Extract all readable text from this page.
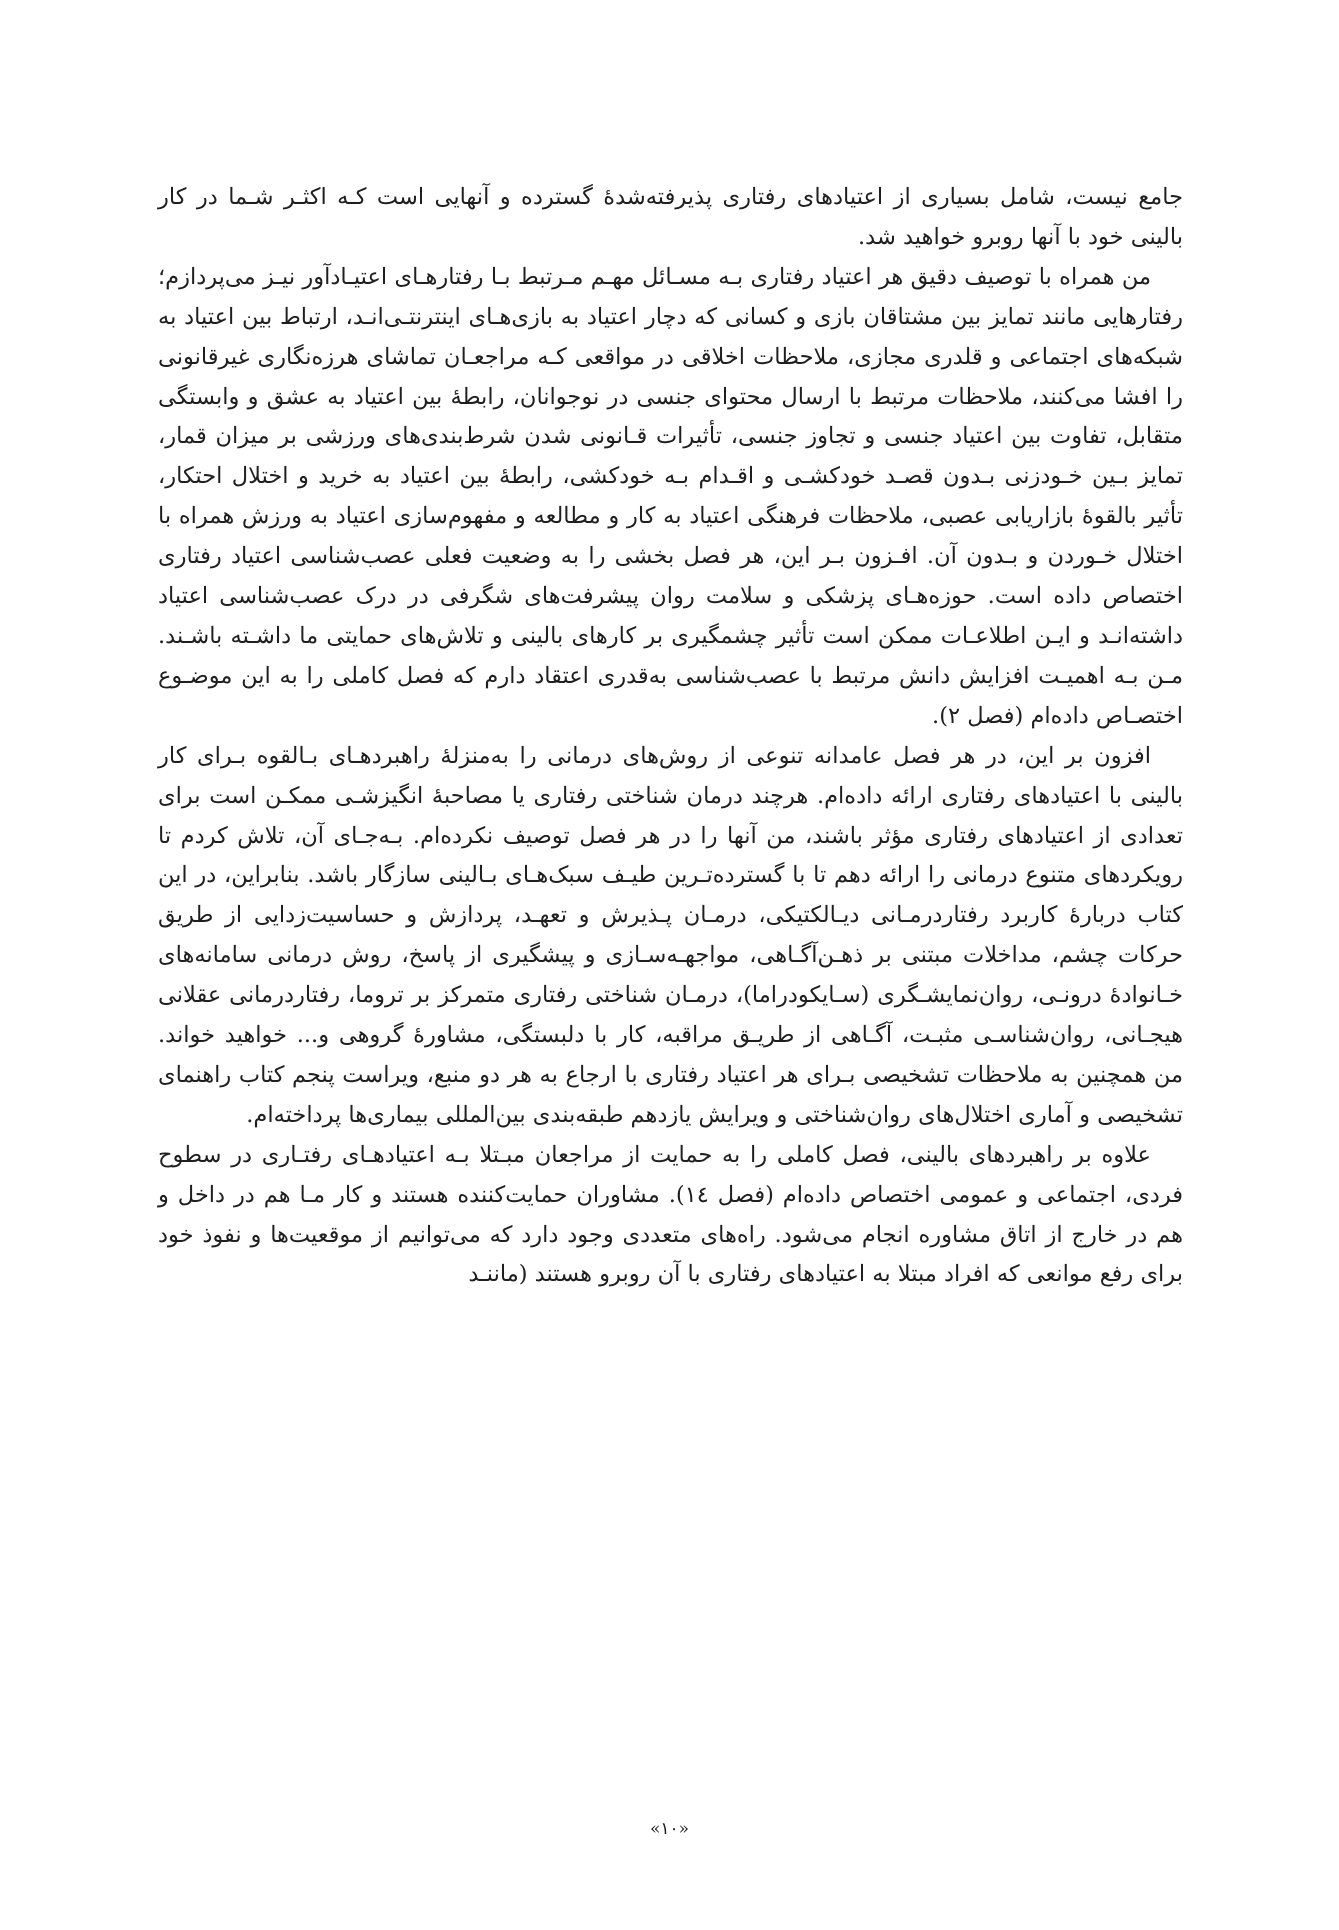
جامع نیست، شامل بسیاری از اعتیادهای رفتاری پذیرفته‌شدهٔ گسترده و آنهایی است کـه اکثـر شـما در کار بالینی خود با آنها روبرو خواهید شد.

من همراه با توصیف دقیق هر اعتیاد رفتاری بـه مسـائل مهـم مـرتبط بـا رفتارهـای اعتیـادآور نیـز می‌پردازم؛ رفتارهایی مانند تمایز بین مشتاقان بازی و کسانی که دچار اعتیاد به بازی‌هـای اینترنتـی‌انـد، ارتباط بین اعتیاد به شبکه‌های اجتماعی و قلدری مجازی، ملاحظات اخلاقی در مواقعی کـه مراجعـان تماشای هرزه‌نگاری غیرقانونی را افشا می‌کنند، ملاحظات مرتبط با ارسال محتوای جنسی در نوجوانان، رابطهٔ بین اعتیاد به عشق و وابستگی متقابل، تفاوت بین اعتیاد جنسی و تجاوز جنسی، تأثیرات قـانونی شدن شرط‌بندی‌های ورزشی بر میزان قمار، تمایز بـین خـودزنی بـدون قصـد خودکشـی و اقـدام بـه خودکشی، رابطهٔ بین اعتیاد به خرید و اختلال احتکار، تأثیر بالقوهٔ بازاریابی عصبی، ملاحظات فرهنگی اعتیاد به کار و مطالعه و مفهوم‌سازی اعتیاد به ورزش همراه با اختلال خـوردن و بـدون آن. افـزون بـر این، هر فصل بخشی را به وضعیت فعلی عصب‌شناسی اعتیاد رفتاری اختصاص داده است. حوزه‌هـای پزشکی و سلامت روان پیشرفت‌های شگرفی در درک عصب‌شناسی اعتیاد داشته‌انـد و ایـن اطلاعـات ممکن است تأثیر چشمگیری بر کارهای بالینی و تلاش‌های حمایتی ما داشـته باشـند. مـن بـه اهمیـت افزایش دانش مرتبط با عصب‌شناسی به‌قدری اعتقاد دارم که فصل کاملی را به این موضـوع اختصـاص داده‌ام (فصل ۲).

افزون بر این، در هر فصل عامدانه تنوعی از روش‌های درمانی را به‌منزلهٔ راهبردهـای بـالقوه بـرای کار بالینی با اعتیادهای رفتاری ارائه داده‌ام. هرچند درمان شناختی رفتاری یا مصاحبهٔ انگیزشـی ممکـن است برای تعدادی از اعتیادهای رفتاری مؤثر باشند، من آنها را در هر فصل توصیف نکرده‌ام. بـه‌جـای آن، تلاش کردم تا رویکردهای متنوع درمانی را ارائه دهم تا با گسترده‌تـرین طیـف سبک‌هـای بـالینی سازگار باشد. بنابراین، در این کتاب دربارهٔ کاربرد رفتاردرمـانی دیـالکتیکی، درمـان پـذیرش و تعهـد، پردازش و حساسیت‌زدایی از طریق حرکات چشم، مداخلات مبتنی بر ذهـن‌آگـاهی، مواجهـه‌سـازی و پیشگیری از پاسخ، روش درمانی سامانه‌های خـانوادهٔ درونـی، روان‌نمایشـگری (سـایکودراما)، درمـان شناختی رفتاری متمرکز بر تروما، رفتاردرمانی عقلانی هیجـانی، روان‌شناسـی مثبـت، آگـاهی از طریـق مراقبه، کار با دلبستگی، مشاورهٔ گروهی و... خواهید خواند. من همچنین به ملاحظات تشخیصی بـرای هر اعتیاد رفتاری با ارجاع به هر دو منبع، ویراست پنجم کتاب راهنمای تشخیصی و آماری اختلال‌های روان‌شناختی و ویرایش یازدهم طبقه‌بندی بین‌المللی بیماری‌ها پرداخته‌ام.

علاوه بر راهبردهای بالینی، فصل کاملی را به حمایت از مراجعان مبـتلا بـه اعتیادهـای رفتـاری در سطوح فردی، اجتماعی و عمومی اختصاص داده‌ام (فصل ١٤). مشاوران حمایت‌کننده هستند و کار مـا هم در داخل و هم در خارج از اتاق مشاوره انجام می‌شود. راه‌های متعددی وجود دارد که می‌توانیم از موقعیت‌ها و نفوذ خود برای رفع موانعی که افراد مبتلا به اعتیادهای رفتاری با آن روبرو هستند (ماننـد

«۱۰»
